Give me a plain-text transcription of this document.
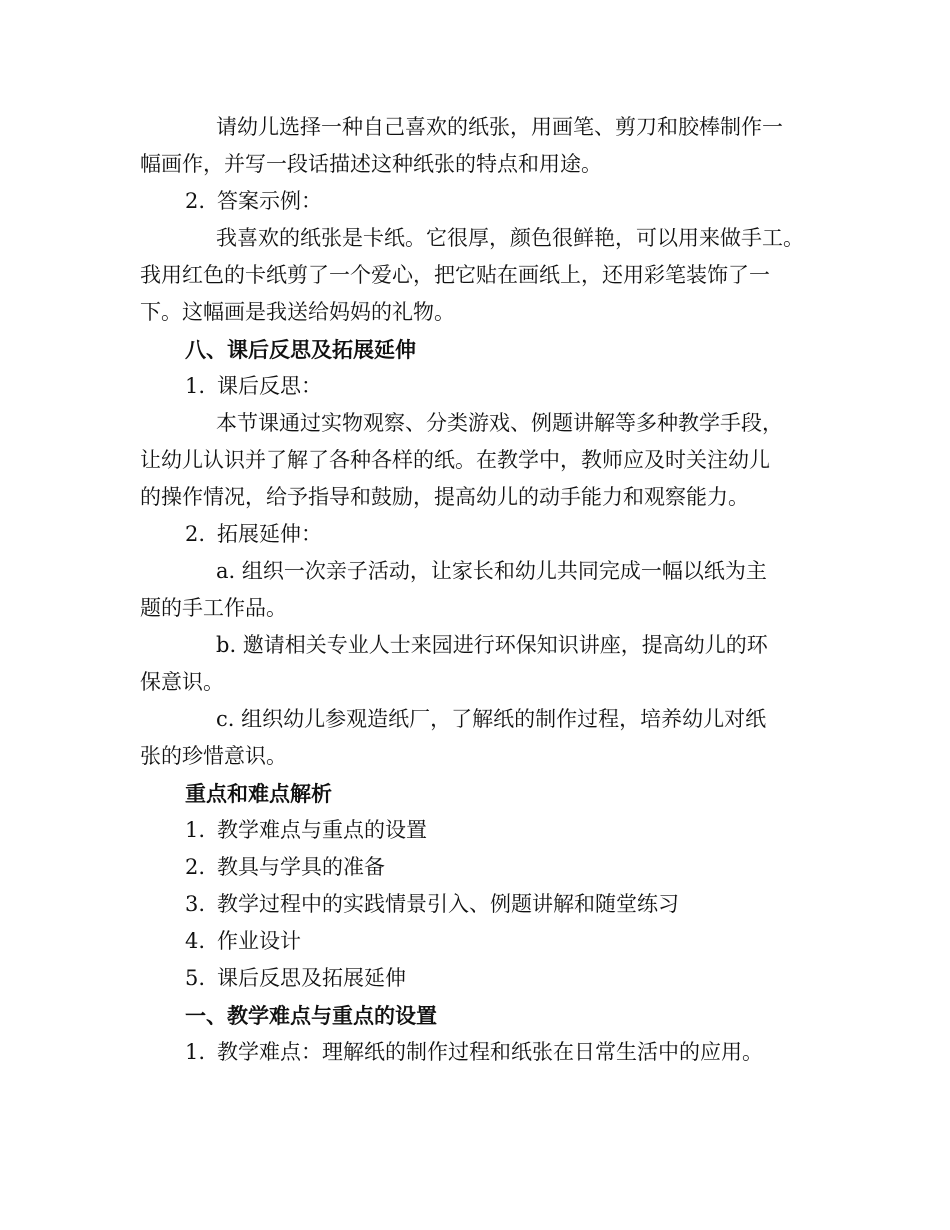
请幼儿选择一种自己喜欢的纸张，用画笔、剪刀和胶棒制作一
幅画作，并写一段话描述这种纸张的特点和用途。
2. 答案示例：
我喜欢的纸张是卡纸。它很厚，颜色很鲜艳，可以用来做手工。
我用红色的卡纸剪了一个爱心，把它贴在画纸上，还用彩笔装饰了一
下。这幅画是我送给妈妈的礼物。
八、课后反思及拓展延伸
1. 课后反思：
本节课通过实物观察、分类游戏、例题讲解等多种教学手段，
让幼儿认识并了解了各种各样的纸。在教学中，教师应及时关注幼儿
的操作情况，给予指导和鼓励，提高幼儿的动手能力和观察能力。
2. 拓展延伸：
a. 组织一次亲子活动，让家长和幼儿共同完成一幅以纸为主
题的手工作品。
b. 邀请相关专业人士来园进行环保知识讲座，提高幼儿的环
保意识。
c. 组织幼儿参观造纸厂，了解纸的制作过程，培养幼儿对纸
张的珍惜意识。
重点和难点解析
1. 教学难点与重点的设置
2. 教具与学具的准备
3. 教学过程中的实践情景引入、例题讲解和随堂练习
4. 作业设计
5. 课后反思及拓展延伸
一、教学难点与重点的设置
1. 教学难点：理解纸的制作过程和纸张在日常生活中的应用。
